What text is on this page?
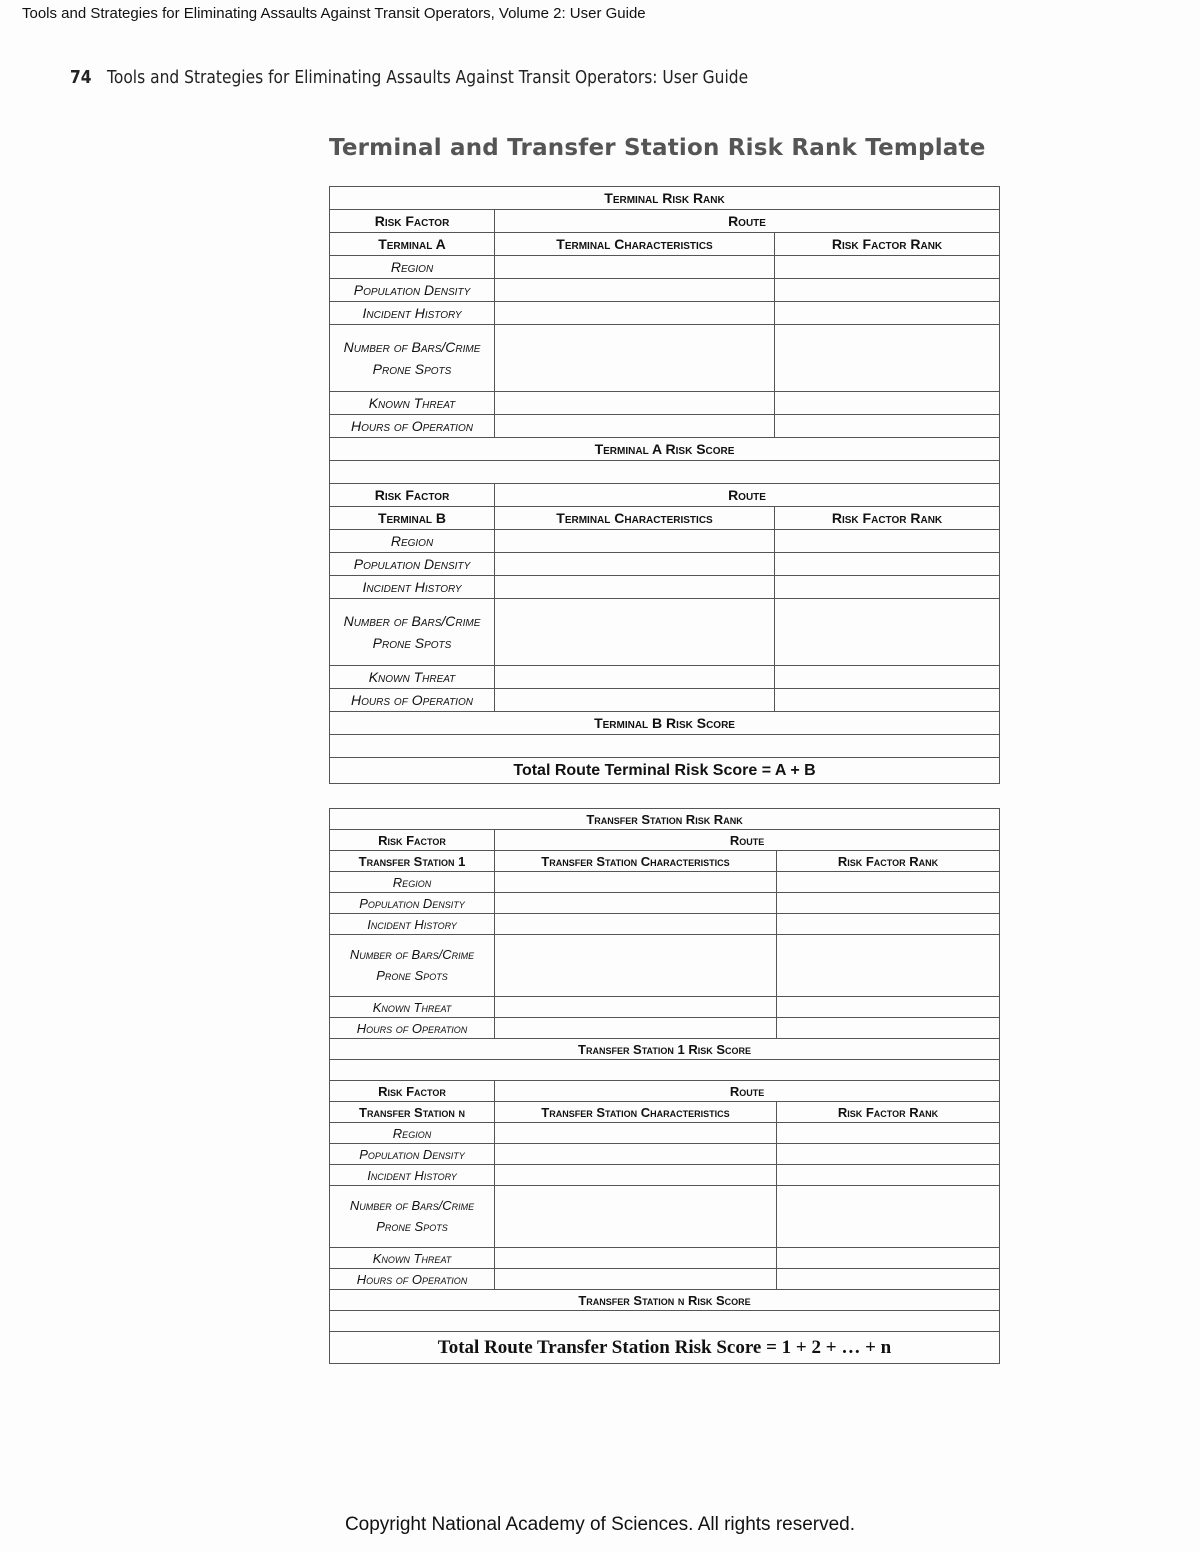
Tools and Strategies for Eliminating Assaults Against Transit Operators, Volume 2: User Guide
74 Tools and Strategies for Eliminating Assaults Against Transit Operators: User Guide
Terminal and Transfer Station Risk Rank Template
Terminal Risk Rank		
Risk Factor	Route	
Terminal A	Terminal Characteristics	Risk Factor Rank
Region		
Population Density		
Incident History		
Number of Bars/Crime Prone Spots		
Known Threat		
Hours of Operation		
Terminal A Risk Score		

Risk Factor	Route	
Terminal B	Terminal Characteristics	Risk Factor Rank
Region		
Population Density		
Incident History		
Number of Bars/Crime Prone Spots		
Known Threat		
Hours of Operation		
Terminal B Risk Score		

Total Route Terminal Risk Score = A + B		
Transfer Station Risk Rank		
Risk Factor	Route	
Transfer Station 1	Transfer Station Characteristics	Risk Factor Rank
Region		
Population Density		
Incident History		
Number of Bars/Crime Prone Spots		
Known Threat		
Hours of Operation		
Transfer Station 1 Risk Score		

Risk Factor	Route	
Transfer Station n	Transfer Station Characteristics	Risk Factor Rank
Region		
Population Density		
Incident History		
Number of Bars/Crime Prone Spots		
Known Threat		
Hours of Operation		
Transfer Station n Risk Score		

Total Route Transfer Station Risk Score = 1 + 2 + … + n		
Copyright National Academy of Sciences. All rights reserved.
